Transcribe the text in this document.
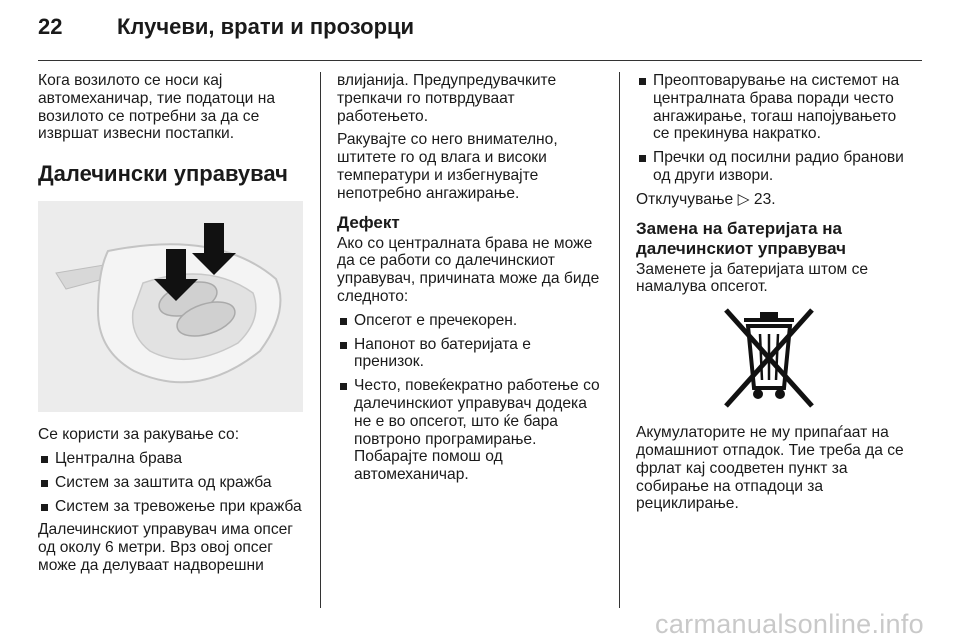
22 Клучеви, врати и прозорци

Кога возилото се носи кај автомеханичар, тие податоци на возилото се потребни за да се извршат извесни постапки.

Далечински управувач

Се користи за ракување со:

Централна брава
Систем за заштита од кражба
Систем за тревожење при кражба

Далечинскиот управувач има опсег од околу 6 метри. Врз овој опсег може да делуваат надворешни

влијанија. Предупредувачките трепкачи го потврдуваат работењето.

Ракувајте со него внимателно, штитете го од влага и високи температури и избегнувајте непотребно ангажирање.

Дефект

Ако со централната брава не може да се работи со далечинскиот управувач, причината може да биде следното:

Опсегот е пречекорен.
Напонот во батеријата е пренизок.
Често, повеќекратно работење со далечинскиот управувач додека не е во опсегот, што ќе бара повтроно програмирање. Побарајте помош од автомеханичар.
Преоптоварување на системот на централната брава поради често ангажирање, тогаш напојувањето се прекинува накратко.
Пречки од посилни радио бранови од други извори.

Отклучување ▷ 23.

Замена на батеријата на далечинскиот управувач

Заменете ја батеријата штом се намалува опсегот.

Акумулаторите не му припаѓаат на домашниот отпадок. Тие треба да се фрлат кај соодветен пункт за собирање на отпадоци за рециклирање.

carmanualsonline.info
